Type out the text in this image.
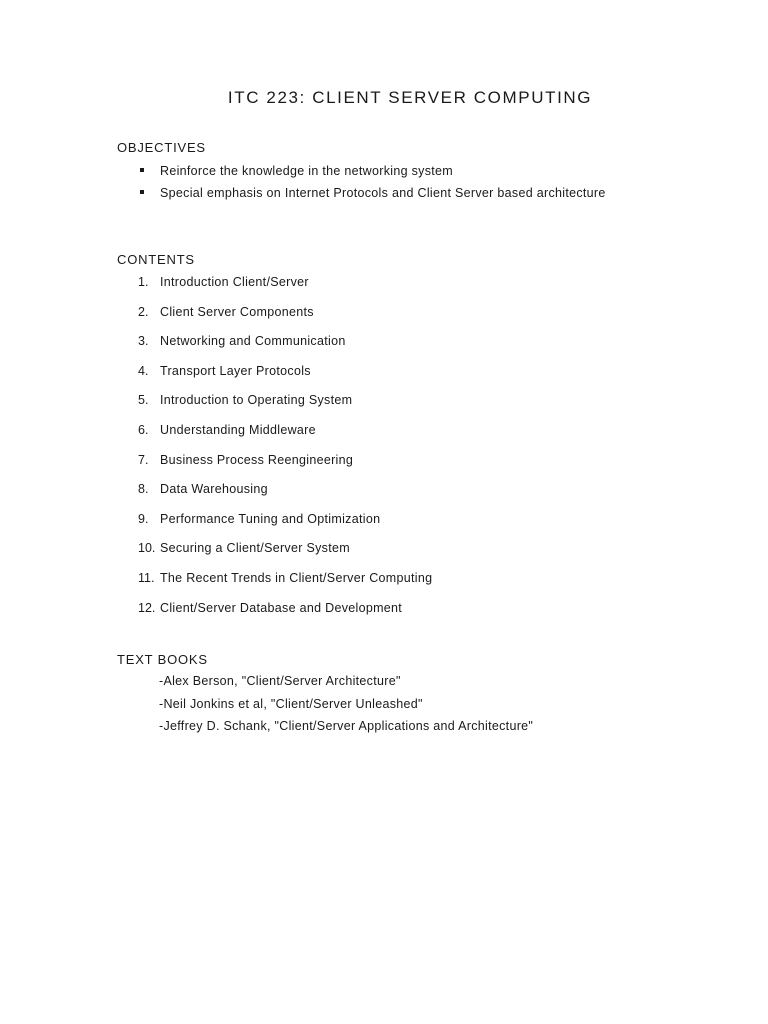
ITC 223: CLIENT SERVER COMPUTING
OBJECTIVES
Reinforce the knowledge in the networking system
Special emphasis on Internet Protocols and Client Server based architecture
CONTENTS
1. Introduction Client/Server
2. Client Server Components
3. Networking and Communication
4. Transport Layer Protocols
5. Introduction to Operating System
6. Understanding Middleware
7. Business Process Reengineering
8. Data Warehousing
9. Performance Tuning and Optimization
10. Securing a Client/Server System
11. The Recent Trends in Client/Server Computing
12. Client/Server Database and Development
TEXT BOOKS
-Alex Berson, "Client/Server Architecture"
-Neil Jonkins et al, "Client/Server Unleashed"
-Jeffrey D. Schank, "Client/Server Applications and Architecture"
